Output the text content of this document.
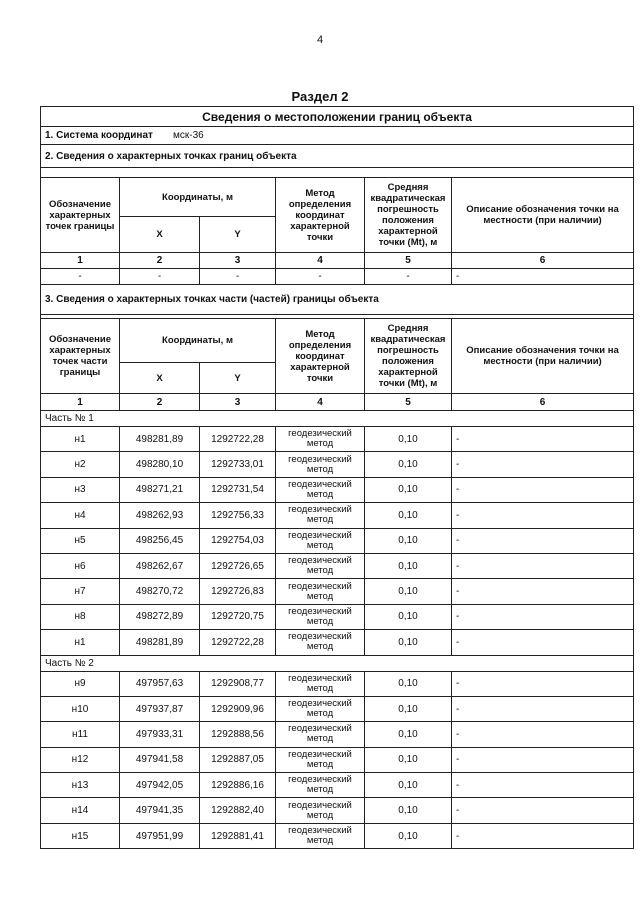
4
Раздел 2
Сведения о местоположении границ объекта					
1. Система координат мск-36					
2. Сведения о характерных точках границ объекта					

Обозначение характерных точек границы	Координаты, м		Метод определения координат характерной точки	Средняя квадратическая погрешность положения характерной точки (Mt), м	Описание обозначения точки на местности (при наличии)
	X	Y			
1	2	3	4	5	6
-	-	-	-	-	-
3. Сведения о характерных точках части (частей) границы объекта					

Обозначение характерных точек части границы	Координаты, м		Метод определения координат характерной точки	Средняя квадратическая погрешность положения характерной точки (Mt), м	Описание обозначения точки на местности (при наличии)
	X	Y			
1	2	3	4	5	6
Часть № 1					
н1	498281,89	1292722,28	геодезический метод	0,10	-
н2	498280,10	1292733,01	геодезический метод	0,10	-
н3	498271,21	1292731,54	геодезический метод	0,10	-
н4	498262,93	1292756,33	геодезический метод	0,10	-
н5	498256,45	1292754,03	геодезический метод	0,10	-
н6	498262,67	1292726,65	геодезический метод	0,10	-
н7	498270,72	1292726,83	геодезический метод	0,10	-
н8	498272,89	1292720,75	геодезический метод	0,10	-
н1	498281,89	1292722,28	геодезический метод	0,10	-
Часть № 2					
н9	497957,63	1292908,77	геодезический метод	0,10	-
н10	497937,87	1292909,96	геодезический метод	0,10	-
н11	497933,31	1292888,56	геодезический метод	0,10	-
н12	497941,58	1292887,05	геодезический метод	0,10	-
н13	497942,05	1292886,16	геодезический метод	0,10	-
н14	497941,35	1292882,40	геодезический метод	0,10	-
н15	497951,99	1292881,41	геодезический метод	0,10	-
